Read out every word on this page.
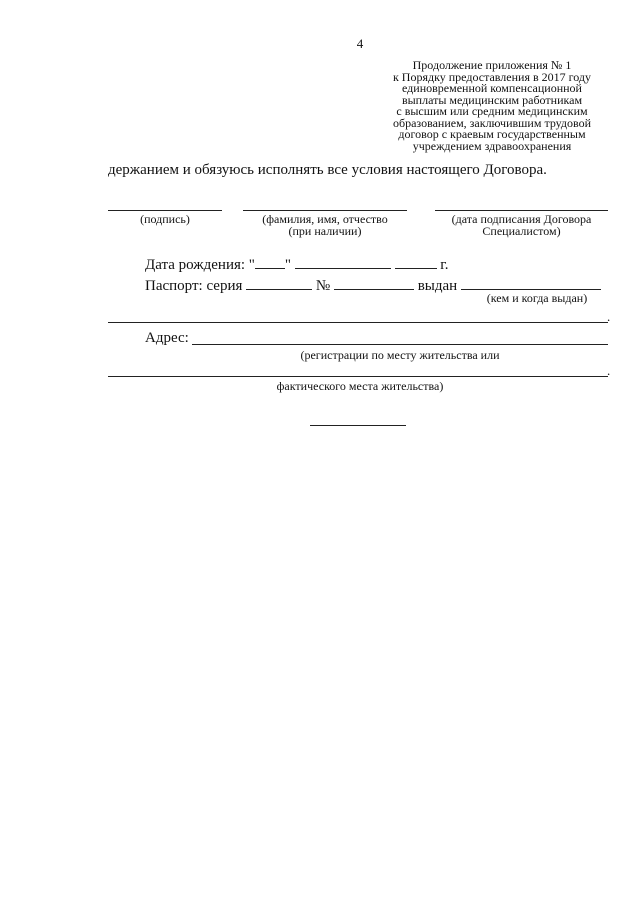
4
Продолжение приложения № 1
к Порядку предоставления в 2017 году
единовременной компенсационной
выплаты медицинским работникам
с высшим или средним медицинским
образованием, заключившим трудовой
договор с краевым государственным
учреждением здравоохранения
держанием и обязуюсь исполнять все условия настоящего Договора.
(подпись)	(фамилия, имя, отчество
(при наличии)
(дата подписания Договора
Специалистом)
Дата рождения: " "	г.
Паспорт: серия	№	выдан
(кем и когда выдан)
.
Адрес:
(регистрации по месту жительства или
.
фактического места жительства)
